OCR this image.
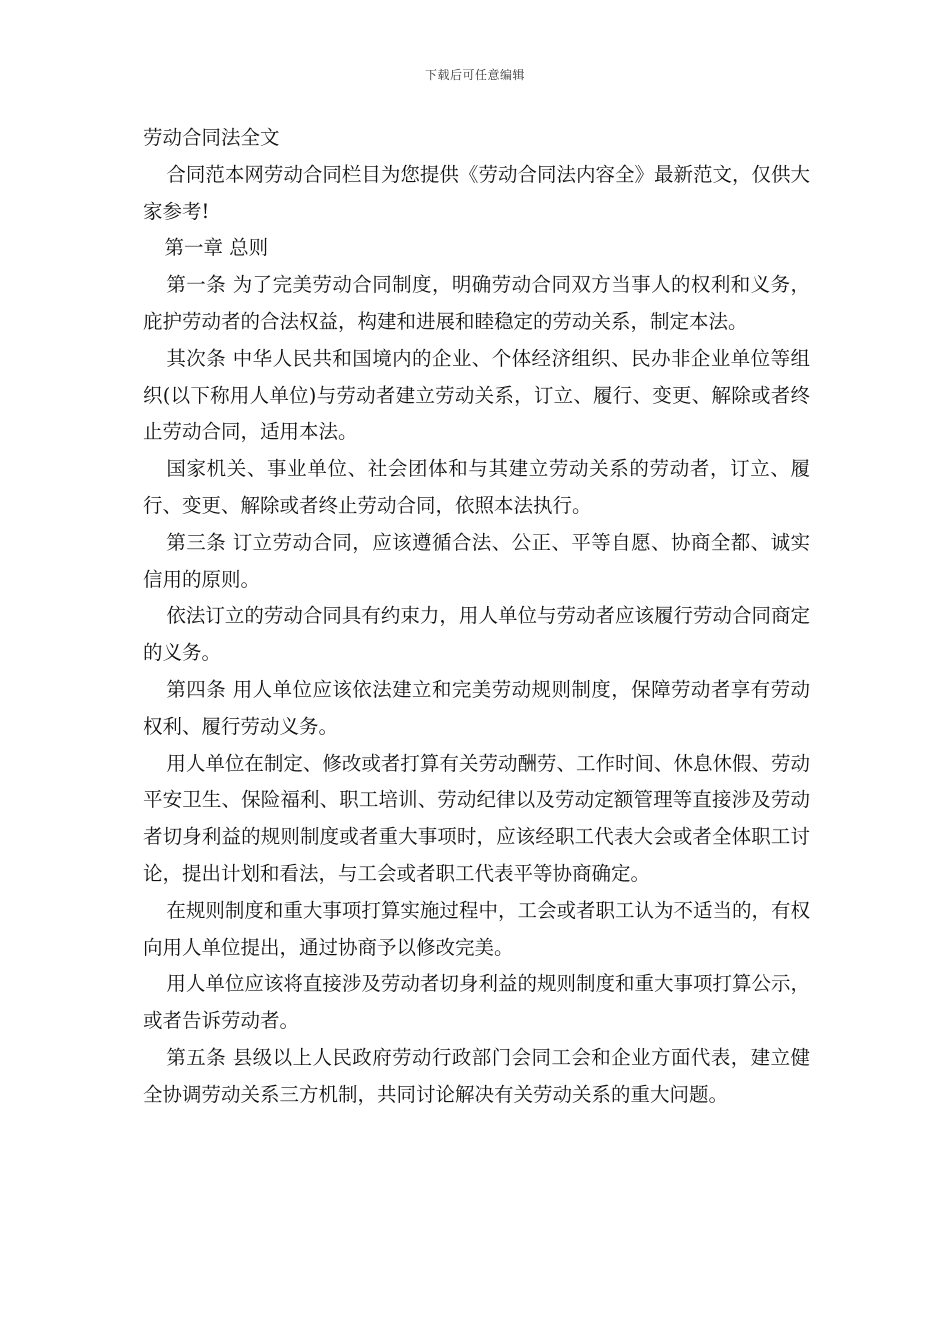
下载后可任意编辑
劳动合同法全文

合同范本网劳动合同栏目为您提供《劳动合同法内容全》最新范文，仅供大家参考!

第一章 总则

第一条 为了完美劳动合同制度，明确劳动合同双方当事人的权利和义务，庇护劳动者的合法权益，构建和进展和睦稳定的劳动关系，制定本法。

其次条 中华人民共和国境内的企业、个体经济组织、民办非企业单位等组织(以下称用人单位)与劳动者建立劳动关系，订立、履行、变更、解除或者终止劳动合同，适用本法。

国家机关、事业单位、社会团体和与其建立劳动关系的劳动者，订立、履行、变更、解除或者终止劳动合同，依照本法执行。

第三条 订立劳动合同，应该遵循合法、公正、平等自愿、协商全都、诚实信用的原则。

依法订立的劳动合同具有约束力，用人单位与劳动者应该履行劳动合同商定的义务。

第四条 用人单位应该依法建立和完美劳动规则制度，保障劳动者享有劳动权利、履行劳动义务。

用人单位在制定、修改或者打算有关劳动酬劳、工作时间、休息休假、劳动平安卫生、保险福利、职工培训、劳动纪律以及劳动定额管理等直接涉及劳动者切身利益的规则制度或者重大事项时，应该经职工代表大会或者全体职工讨论，提出计划和看法，与工会或者职工代表平等协商确定。

在规则制度和重大事项打算实施过程中，工会或者职工认为不适当的，有权向用人单位提出，通过协商予以修改完美。

用人单位应该将直接涉及劳动者切身利益的规则制度和重大事项打算公示，或者告诉劳动者。

第五条 县级以上人民政府劳动行政部门会同工会和企业方面代表，建立健全协调劳动关系三方机制，共同讨论解决有关劳动关系的重大问题。
